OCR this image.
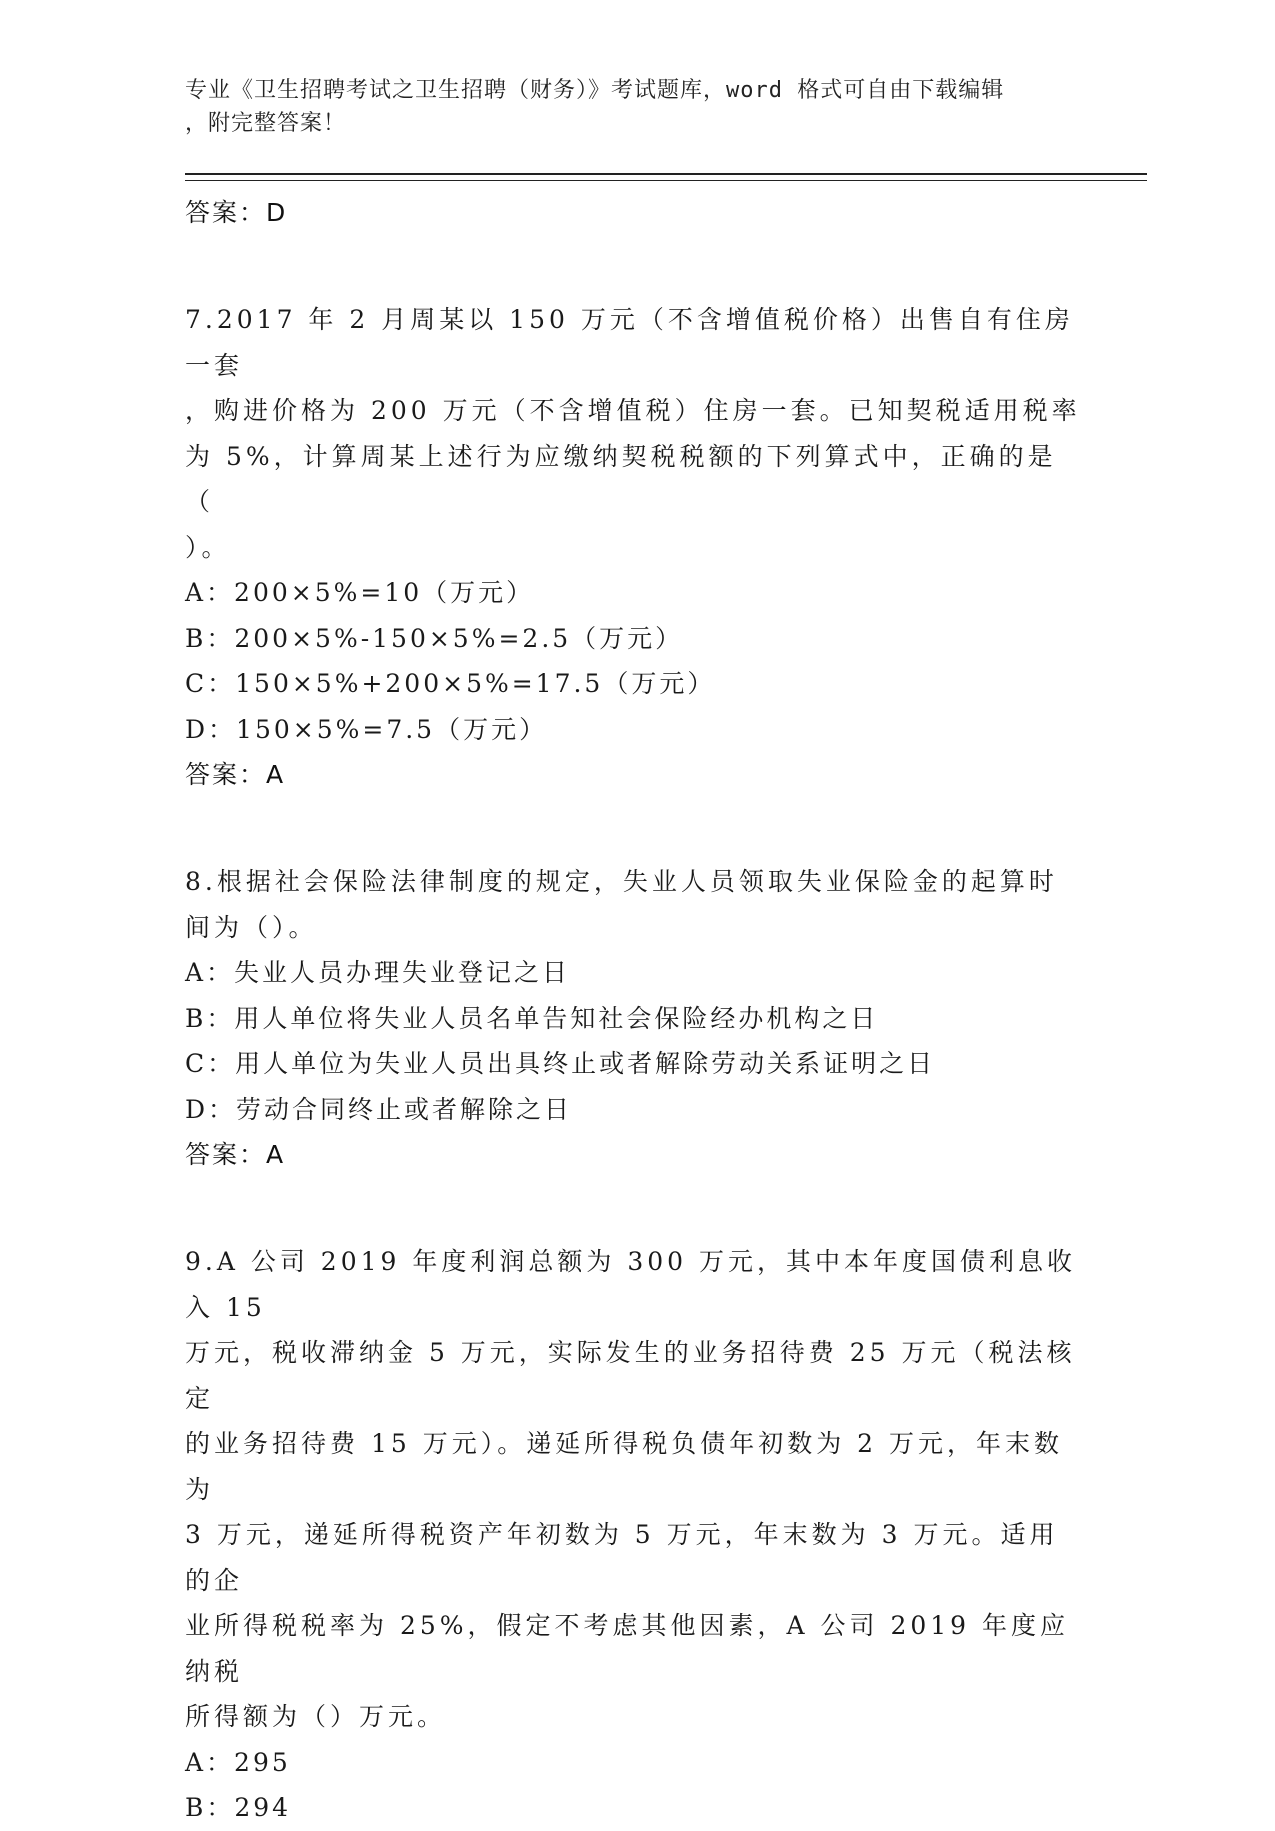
专业《卫生招聘考试之卫生招聘（财务）》考试题库，word 格式可自由下载编辑
，附完整答案！
答案：D
7.2017 年 2 月周某以 150 万元（不含增值税价格）出售自有住房一套
，购进价格为 200 万元（不含增值税）住房一套。已知契税适用税率
为 5%，计算周某上述行为应缴纳契税税额的下列算式中，正确的是（
）。
A：200×5%=10（万元）
B：200×5%-150×5%=2.5（万元）
C：150×5%+200×5%=17.5（万元）
D：150×5%=7.5（万元）
答案：A
8.根据社会保险法律制度的规定，失业人员领取失业保险金的起算时
间为（）。
A：失业人员办理失业登记之日
B：用人单位将失业人员名单告知社会保险经办机构之日
C：用人单位为失业人员出具终止或者解除劳动关系证明之日
D：劳动合同终止或者解除之日
答案：A
9.A 公司 2019 年度利润总额为 300 万元，其中本年度国债利息收入 15
万元，税收滞纳金 5 万元，实际发生的业务招待费 25 万元（税法核定
的业务招待费 15 万元）。递延所得税负债年初数为 2 万元，年末数为
3 万元，递延所得税资产年初数为 5 万元，年末数为 3 万元。适用的企
业所得税税率为 25%，假定不考虑其他因素，A 公司 2019 年度应纳税
所得额为（）万元。
A：295
B：294
